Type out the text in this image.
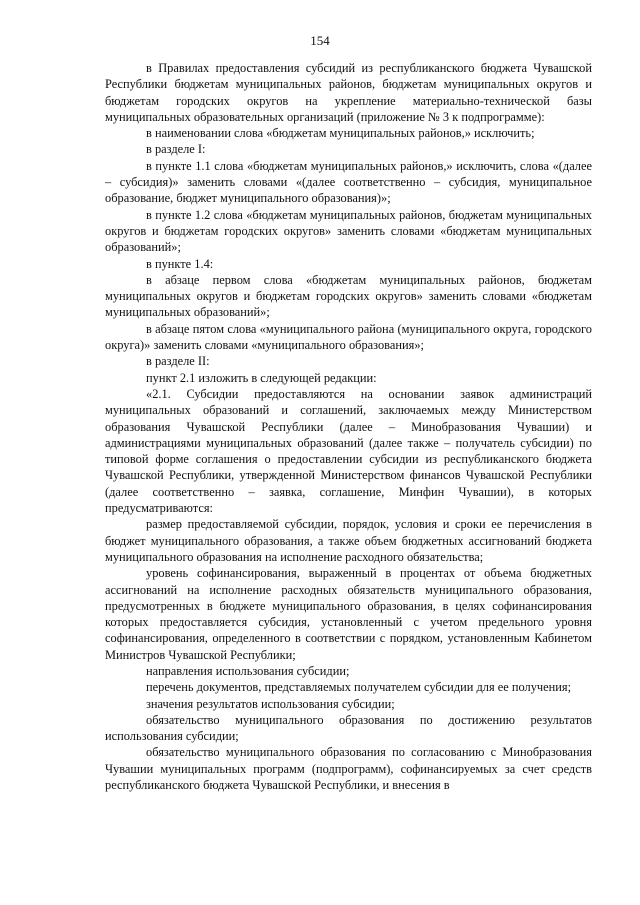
154

в Правилах предоставления субсидий из республиканского бюджета Чувашской Республики бюджетам муниципальных районов, бюджетам муниципальных округов и бюджетам городских округов на укрепление материально-технической базы муниципальных образовательных организаций (приложение № 3 к подпрограмме):

в наименовании слова «бюджетам муниципальных районов,» исключить;

в разделе I:

в пункте 1.1 слова «бюджетам муниципальных районов,» исключить, слова «(далее – субсидия)» заменить словами «(далее соответственно – субсидия, муниципальное образование, бюджет муниципального образования)»;

в пункте 1.2 слова «бюджетам муниципальных районов, бюджетам муниципальных округов и бюджетам городских округов» заменить словами «бюджетам муниципальных образований»;

в пункте 1.4:

в абзаце первом слова «бюджетам муниципальных районов, бюджетам муниципальных округов и бюджетам городских округов» заменить словами «бюджетам муниципальных образований»;

в абзаце пятом слова «муниципального района (муниципального округа, городского округа)» заменить словами «муниципального образования»;

в разделе II:

пункт 2.1 изложить в следующей редакции:

«2.1. Субсидии предоставляются на основании заявок администраций муниципальных образований и соглашений, заключаемых между Министерством образования Чувашской Республики (далее – Минобразования Чувашии) и администрациями муниципальных образований (далее также – получатель субсидии) по типовой форме соглашения о предоставлении субсидии из республиканского бюджета Чувашской Республики, утвержденной Министерством финансов Чувашской Республики (далее соответственно – заявка, соглашение, Минфин Чувашии), в которых предусматриваются:

размер предоставляемой субсидии, порядок, условия и сроки ее перечисления в бюджет муниципального образования, а также объем бюджетных ассигнований бюджета муниципального образования на исполнение расходного обязательства;

уровень софинансирования, выраженный в процентах от объема бюджетных ассигнований на исполнение расходных обязательств муниципального образования, предусмотренных в бюджете муниципального образования, в целях софинансирования которых предоставляется субсидия, установленный с учетом предельного уровня софинансирования, определенного в соответствии с порядком, установленным Кабинетом Министров Чувашской Республики;

направления использования субсидии;

перечень документов, представляемых получателем субсидии для ее получения;

значения результатов использования субсидии;

обязательство муниципального образования по достижению результатов использования субсидии;

обязательство муниципального образования по согласованию с Минобразования Чувашии муниципальных программ (подпрограмм), софинансируемых за счет средств республиканского бюджета Чувашской Республики, и внесения в
